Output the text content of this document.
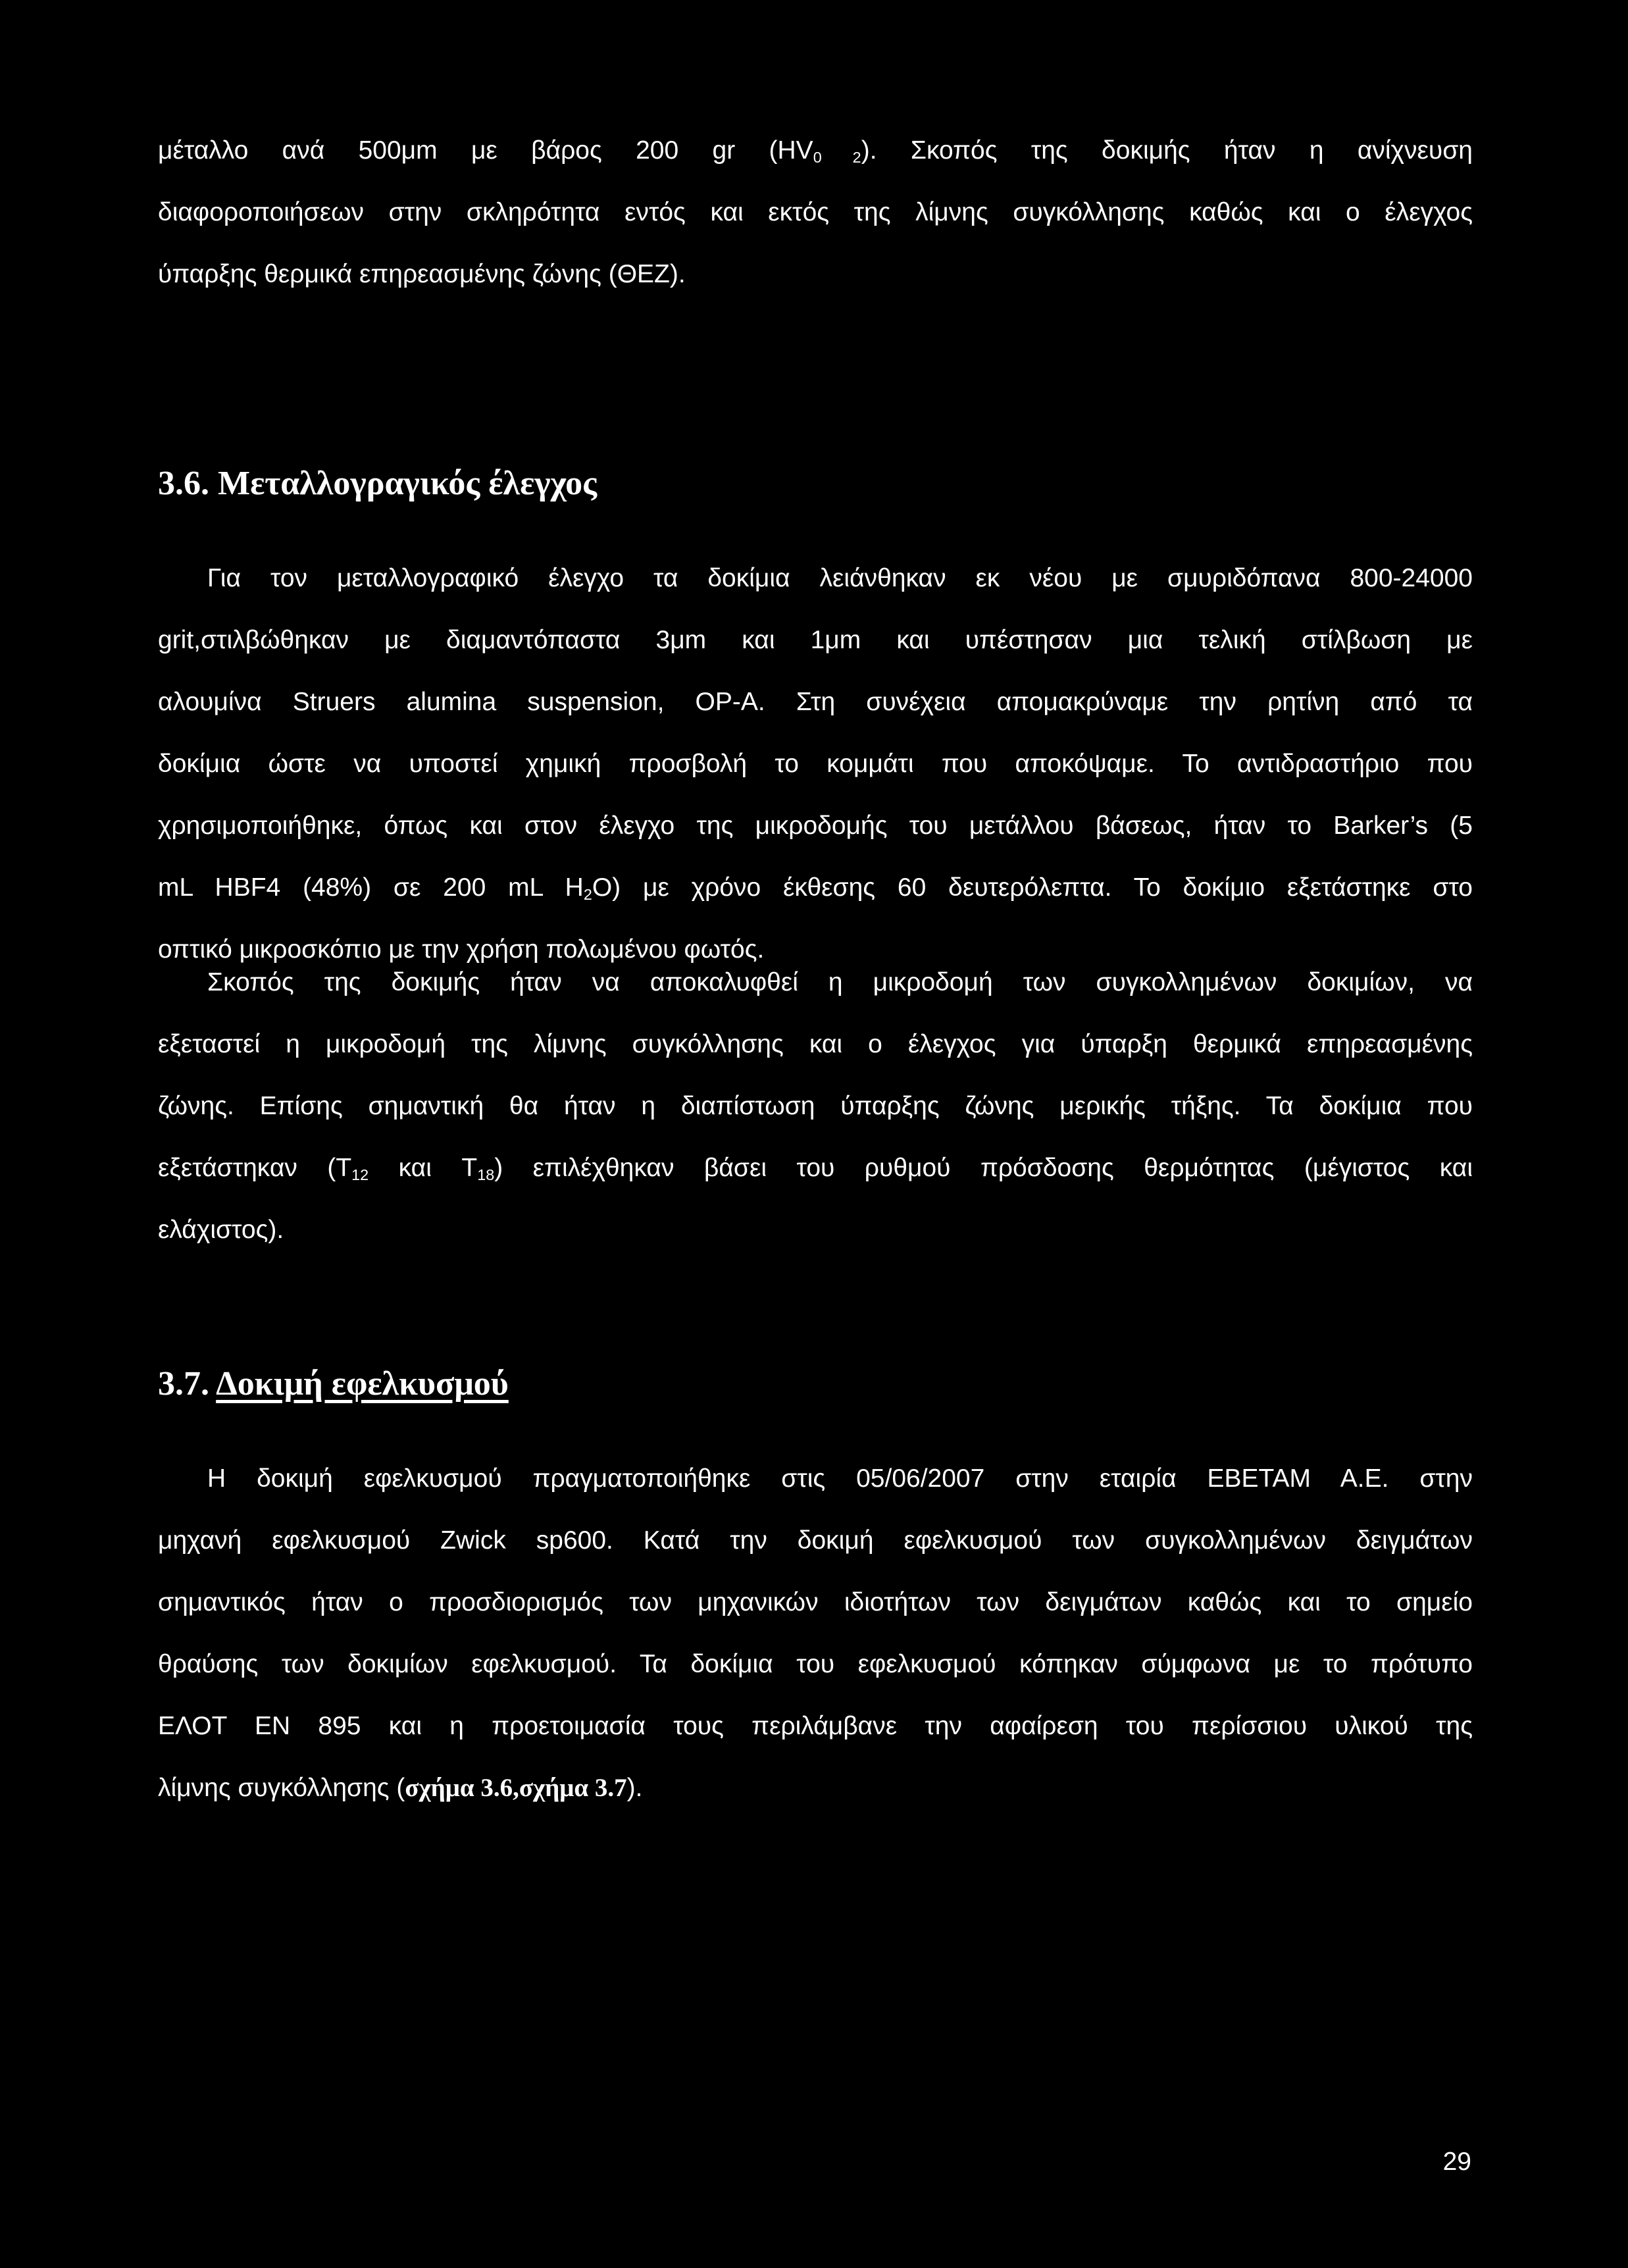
μέταλλο ανά 500μm με βάρος 200 gr $(HV_{0 2})$. Σκοπός της δοκιμής ήταν η ανίχνευση
διαφοροποιήσεων στην σκληρότητα εντός και εκτός της λίμνης συγκόλλησης καθώς και ο έλεγχος
ύπαρξης θερμικά επηρεασμένης ζώνης (ΘΕΖ).
3.6. Μεταλλογραγικός έλεγχος
Για τον μεταλλογραφικό έλεγχο τα δοκίμια λειάνθηκαν εκ νέου με σμυριδόπανα 800-24000
grit,στιλβώθηκαν με διαμαντόπαστα 3μm και 1μm και υπέστησαν μια τελική στίλβωση με
αλουμίνα Struers alumina suspension, OP-A. Στη συνέχεια απομακρύναμε την ρητίνη από τα
δοκίμια ώστε να υποστεί χημική προσβολή το κομμάτι που αποκόψαμε. Το αντιδραστήριο που
χρησιμοποιήθηκε, όπως και στον έλεγχο της μικροδομής του μετάλλου βάσεως, ήταν το Barker’s (5
mL HBF4 (48%) σε 200 mL $H_2O$) με χρόνο έκθεσης 60 δευτερόλεπτα. Το δοκίμιο εξετάστηκε στο
οπτικό μικροσκόπιο με την χρήση πολωμένου φωτός.
Σκοπός της δοκιμής ήταν να αποκαλυφθεί η μικροδομή των συγκολλημένων δοκιμίων, να
εξεταστεί η μικροδομή της λίμνης συγκόλλησης και ο έλεγχος για ύπαρξη θερμικά επηρεασμένης
ζώνης. Επίσης σημαντική θα ήταν η διαπίστωση ύπαρξης ζώνης μερικής τήξης. Τα δοκίμια που
εξετάστηκαν ($T_{12}$ και $T_{18}$) επιλέχθηκαν βάσει του ρυθμού πρόσδοσης θερμότητας (μέγιστος και
ελάχιστος).
3.7. Δοκιμή εφελκυσμού
Η δοκιμή εφελκυσμού πραγματοποιήθηκε στις 05/06/2007 στην εταιρία ΕΒΕΤΑΜ Α.Ε. στην
μηχανή εφελκυσμού Zwick sp600. Κατά την δοκιμή εφελκυσμού των συγκολλημένων δειγμάτων
σημαντικός ήταν ο προσδιορισμός των μηχανικών ιδιοτήτων των δειγμάτων καθώς και το σημείο
θραύσης των δοκιμίων εφελκυσμού. Τα δοκίμια του εφελκυσμού κόπηκαν σύμφωνα με το πρότυπο
ΕΛΟΤ ΕΝ 895 και η προετοιμασία τους περιλάμβανε την αφαίρεση του περίσσιου υλικού της
λίμνης συγκόλλησης (σχήμα 3.6,σχήμα 3.7).
29
